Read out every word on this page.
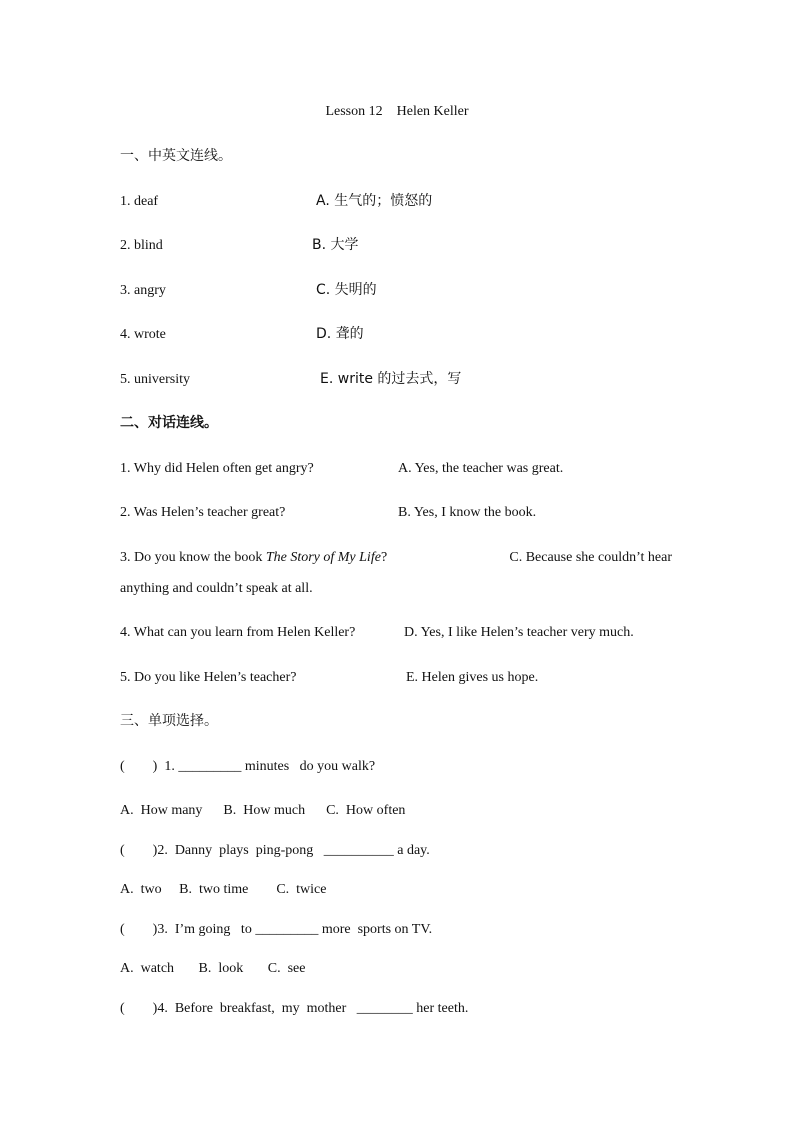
Lesson 12　Helen Keller
一、中英文连线。
1. deaf	A. 生气的；愤怒的
2. blind	B. 大学
3. angry	C. 失明的
4. wrote	D. 聋的
5. university	E. write 的过去式，写
二、对话连线。
1. Why did Helen often get angry?	A. Yes, the teacher was great.
2. Was Helen’s teacher great?	B. Yes, I know the book.
3. Do you know the book The Story of My Life?	C. Because she couldn’t hear
anything and couldn’t speak at all.
4. What can you learn from Helen Keller?	D. Yes, I like Helen’s teacher very much.
5. Do you like Helen’s teacher?	E. Helen gives us hope.
三、单项选择。
(        )  1. _________ minutes   do you walk?
A.  How many      B.  How much      C.  How often
(        )2.  Danny  plays  ping-pong   __________ a day.
A.  two     B.  two time        C.  twice
(        )3.  I’m going   to _________ more  sports on TV.
A.  watch       B.  look       C.  see
(        )4.  Before  breakfast,  my  mother   ________ her teeth.
